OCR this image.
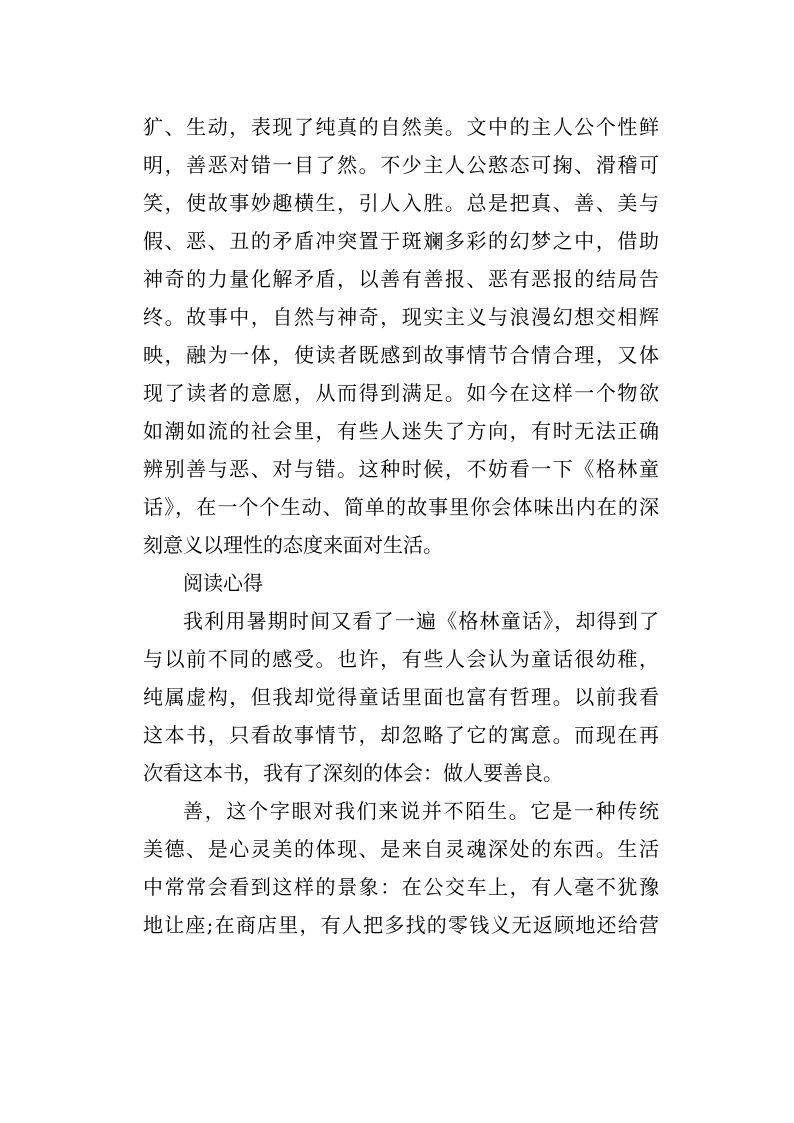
犷、生动，表现了纯真的自然美。文中的主人公个性鲜
明，善恶对错一目了然。不少主人公憨态可掬、滑稽可
笑，使故事妙趣横生，引人入胜。总是把真、善、美与
假、恶、丑的矛盾冲突置于斑斓多彩的幻梦之中，借助
神奇的力量化解矛盾，以善有善报、恶有恶报的结局告
终。故事中，自然与神奇，现实主义与浪漫幻想交相辉
映，融为一体，使读者既感到故事情节合情合理，又体
现了读者的意愿，从而得到满足。如今在这样一个物欲
如潮如流的社会里，有些人迷失了方向，有时无法正确
辨别善与恶、对与错。这种时候，不妨看一下《格林童
话》，在一个个生动、简单的故事里你会体味出内在的深
刻意义以理性的态度来面对生活。
阅读心得
我利用暑期时间又看了一遍《格林童话》，却得到了
与以前不同的感受。也许，有些人会认为童话很幼稚，
纯属虚构，但我却觉得童话里面也富有哲理。以前我看
这本书，只看故事情节，却忽略了它的寓意。而现在再
次看这本书，我有了深刻的体会：做人要善良。
善，这个字眼对我们来说并不陌生。它是一种传统
美德、是心灵美的体现、是来自灵魂深处的东西。生活
中常常会看到这样的景象：在公交车上，有人毫不犹豫
地让座;在商店里，有人把多找的零钱义无返顾地还给营
